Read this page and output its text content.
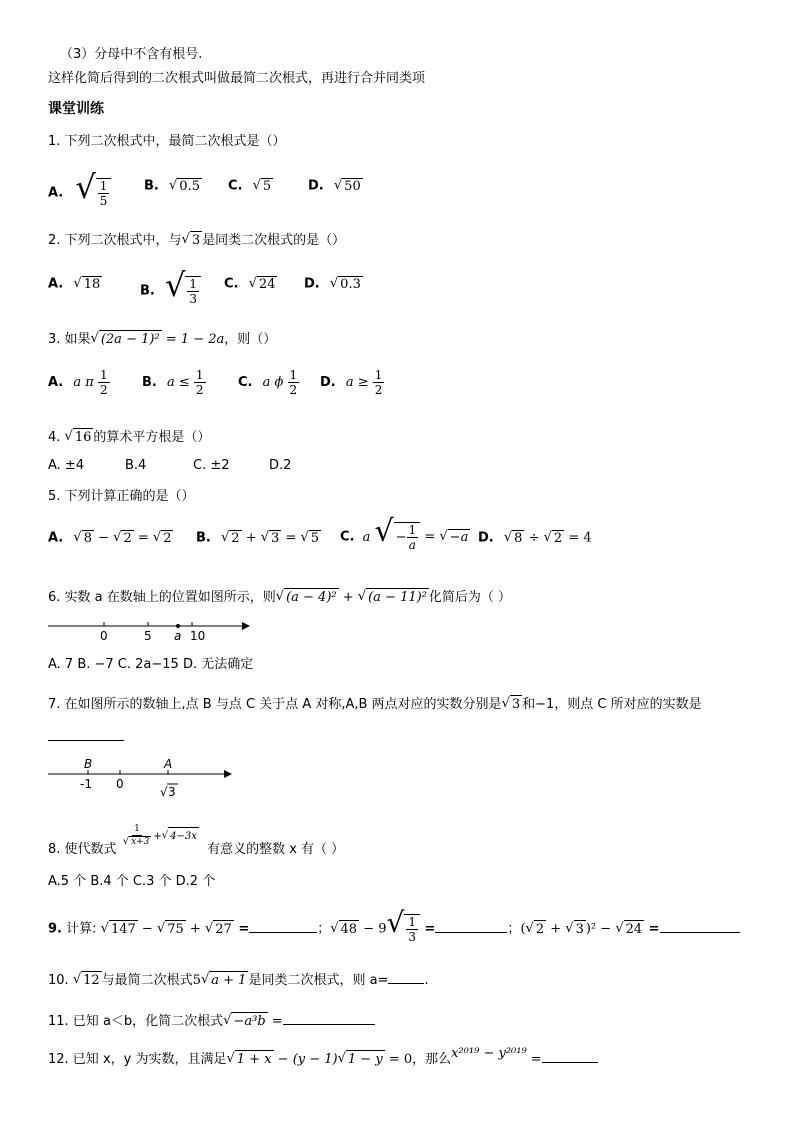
（3）分母中不含有根号.
这样化简后得到的二次根式叫做最简二次根式，再进行合并同类项
课堂训练
1. 下列二次根式中，最简二次根式是（）
A. √ $\frac{1}{5}$	B. √ 0.5 C. √ 5	D. √ 50
2. 下列二次根式中，与 √ 3 是同类二次根式的是（）
A. √ 18	B. √ $\frac{1}{3} C$. √ 24 D. √ 0.3
3. 如果 √ (2a − 1)² = 1 − 2a，则（）
A. a π $\frac{1}{2} B$. $a \le \frac{1}{2} C$. a ϕ $\frac{1}{2} D$. $a \ge \frac{1}{2}$
4. √ 16 的算术平方根是（）
A. ±4	B.4	C. ±2	D.2
5. 下列计算正确的是（）
A. √ 8 − √ 2 = √ 2 B. √ 2 + √ 3 = √ 5 C. a √ − $\frac{1}{a}$ = √ −a D. √ 8 ÷ √ 2 = 4
6. 实数 a 在数轴上的位置如图所示，则 √ (a − 4)² + √ (a − 11)² 化简后为（ ）
0	5 a 10
A. 7 B. −7 C. 2a−15 D. 无法确定
7. 在如图所示的数轴上,点 B 与点 C 关于点 A 对称,A,B 两点对应的实数分别是 √ 3 和−1，则点 C 所对应的实数是
B	A
-1 0
√ 3
8. 使代数式
$\frac{1}{√ x+3}$ + √ 4−3x
有意义的整数 x 有（ ）
A.5 个 B.4 个 C.3 个 D.2 个
9. 计算: √ 147 − √ 75 + √ 27 =	； √ 48 − 9 √ $\frac{1}{3}$ =	；( √ 2 + √ 3 )² − √ 24 =
10. √ 12 与最简二次根式5 √ a + 1 是同类二次根式，则 a=	.
11. 已知 a＜b，化简二次根式 √ −a³b =
12. 已知 x，y 为实数，且满足 √ 1 + x − (y − 1) √ 1 − y = 0，那么x²⁰¹⁹ − y²⁰¹⁹ =
